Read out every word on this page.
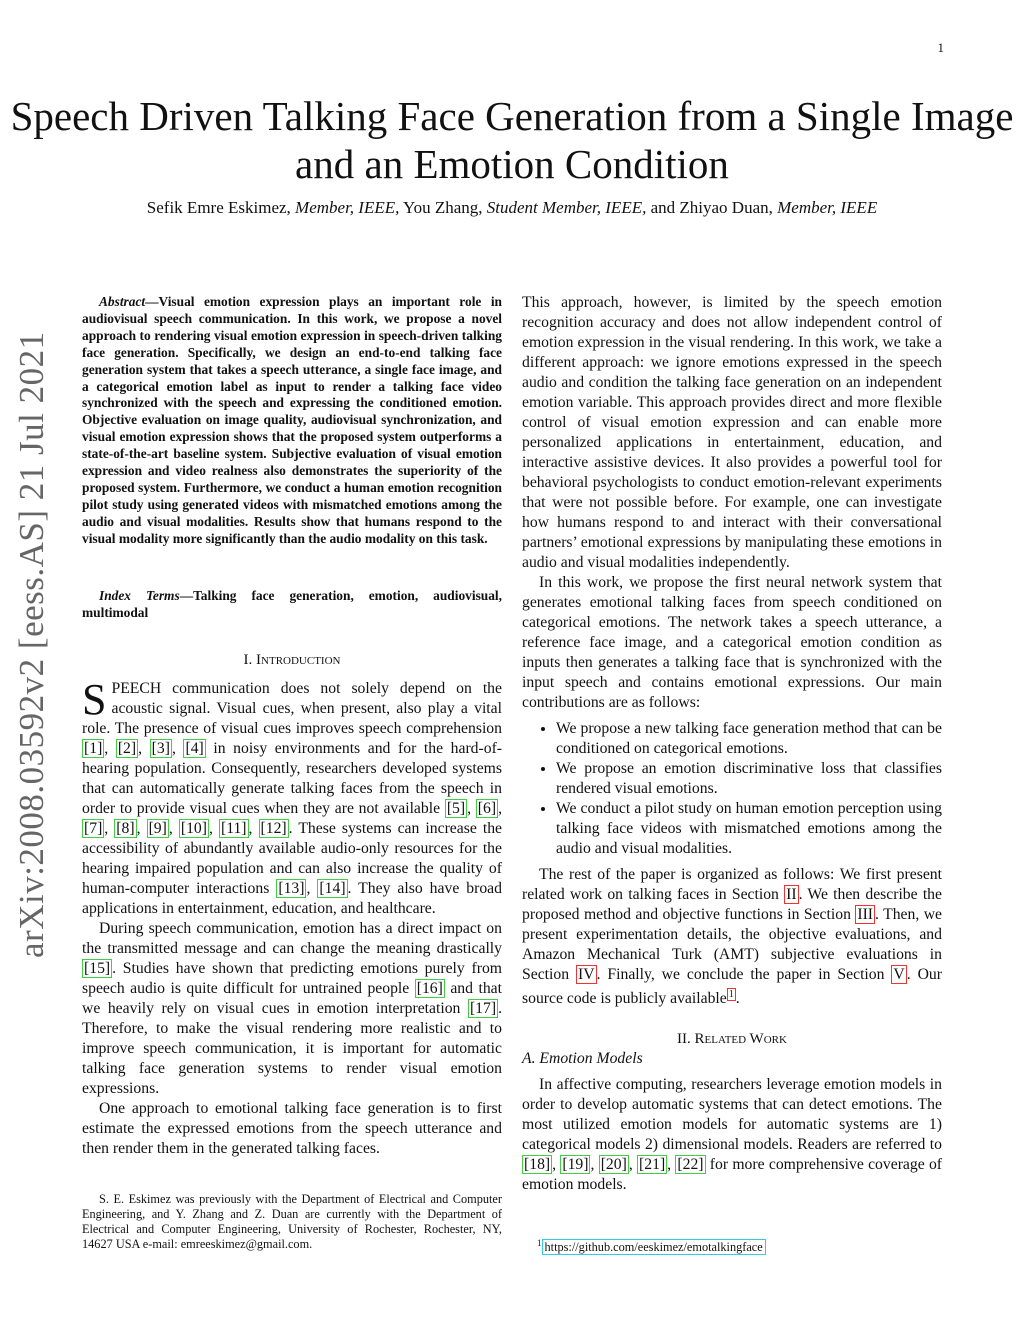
1
Speech Driven Talking Face Generation from a Single Image and an Emotion Condition
Sefik Emre Eskimez, Member, IEEE, You Zhang, Student Member, IEEE, and Zhiyao Duan, Member, IEEE
arXiv:2008.03592v2 [eess.AS] 21 Jul 2021

Abstract—Visual emotion expression plays an important role in audiovisual speech communication. In this work, we propose a novel approach to rendering visual emotion expression in speech-driven talking face generation. Specifically, we design an end-to-end talking face generation system that takes a speech utterance, a single face image, and a categorical emotion label as input to render a talking face video synchronized with the speech and expressing the conditioned emotion. Objective evaluation on image quality, audiovisual synchronization, and visual emotion expression shows that the proposed system outperforms a state-of-the-art baseline system. Subjective evaluation of visual emotion expression and video realness also demonstrates the superiority of the proposed system. Furthermore, we conduct a human emotion recognition pilot study using generated videos with mismatched emotions among the audio and visual modalities. Results show that humans respond to the visual modality more significantly than the audio modality on this task.

Index Terms—Talking face generation, emotion, audiovisual, multimodal

I. Introduction

SPEECH communication does not solely depend on the acoustic signal. Visual cues, when present, also play a vital role. The presence of visual cues improves speech comprehension [1] , [2] , [3] , [4] in noisy environments and for the hard-of-hearing population. Consequently, researchers developed systems that can automatically generate talking faces from the speech in order to provide visual cues when they are not available [5] , [6] , [7] , [8] , [9] , [10] , [11] , [12] . These systems can increase the accessibility of abundantly available audio-only resources for the hearing impaired population and can also increase the quality of human-computer interactions [13] , [14] . They also have broad applications in entertainment, education, and healthcare.

During speech communication, emotion has a direct impact on the transmitted message and can change the meaning drastically [15] . Studies have shown that predicting emotions purely from speech audio is quite difficult for untrained people [16] and that we heavily rely on visual cues in emotion interpretation [17] . Therefore, to make the visual rendering more realistic and to improve speech communication, it is important for automatic talking face generation systems to render visual emotion expressions.

One approach to emotional talking face generation is to first estimate the expressed emotions from the speech utterance and then render them in the generated talking faces.

S. E. Eskimez was previously with the Department of Electrical and Computer Engineering, and Y. Zhang and Z. Duan are currently with the Department of Electrical and Computer Engineering, University of Rochester, Rochester, NY, 14627 USA e-mail: emreeskimez@gmail.com.

This approach, however, is limited by the speech emotion recognition accuracy and does not allow independent control of emotion expression in the visual rendering. In this work, we take a different approach: we ignore emotions expressed in the speech audio and condition the talking face generation on an independent emotion variable. This approach provides direct and more flexible control of visual emotion expression and can enable more personalized applications in entertainment, education, and interactive assistive devices. It also provides a powerful tool for behavioral psychologists to conduct emotion-relevant experiments that were not possible before. For example, one can investigate how humans respond to and interact with their conversational partners’ emotional expressions by manipulating these emotions in audio and visual modalities independently.

In this work, we propose the first neural network system that generates emotional talking faces from speech conditioned on categorical emotions. The network takes a speech utterance, a reference face image, and a categorical emotion condition as inputs then generates a talking face that is synchronized with the input speech and contains emotional expressions. Our main contributions are as follows:

• We propose a new talking face generation method that can be conditioned on categorical emotions.
• We propose an emotion discriminative loss that classifies rendered visual emotions.
• We conduct a pilot study on human emotion perception using talking face videos with mismatched emotions among the audio and visual modalities.

The rest of the paper is organized as follows: We first present related work on talking faces in Section II . We then describe the proposed method and objective functions in Section III . Then, we present experimentation details, the objective evaluations, and Amazon Mechanical Turk (AMT) subjective evaluations in Section IV . Finally, we conclude the paper in Section V . Our source code is publicly available $^1$ .

II. Related Work

A. Emotion Models

In affective computing, researchers leverage emotion models in order to develop automatic systems that can detect emotions. The most utilized emotion models for automatic systems are 1) categorical models 2) dimensional models. Readers are referred to [18] , [19] , [20] , [21] , [22] for more comprehensive coverage of emotion models.

$^1$ https://github.com/eeskimez/emotalkingface
